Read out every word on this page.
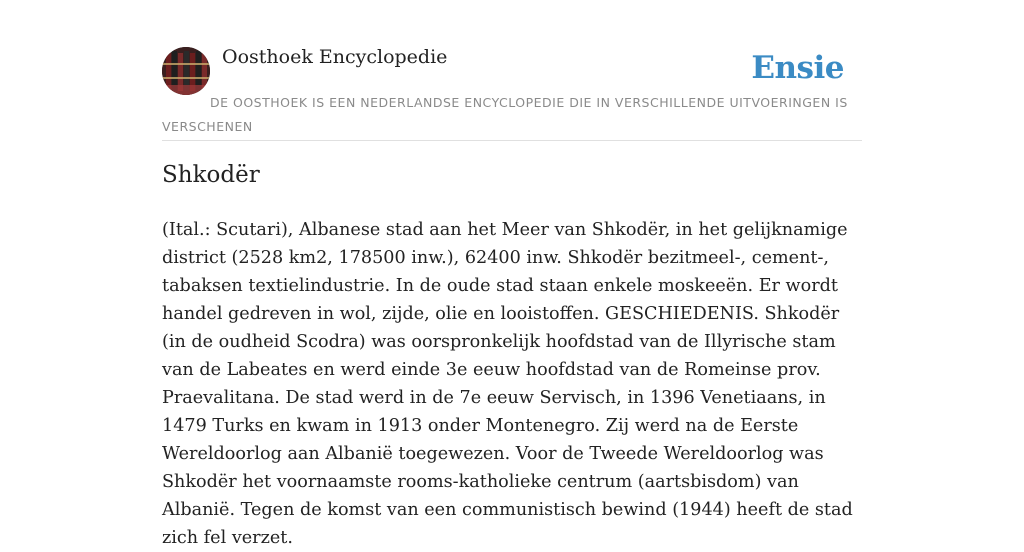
Oosthoek Encyclopedie	Ensie
DE OOSTHOEK IS EEN NEDERLANDSE ENCYCLOPEDIE DIE IN VERSCHILLENDE UITVOERINGEN IS VERSCHENEN
Shkodër

(Ital.: Scutari), Albanese stad aan het Meer van Shkodër, in het gelijknamige district (2528 km2, 178500 inw.), 62400 inw. Shkodër bezitmeel-, cement-, tabaksen textielindustrie. In de oude stad staan enkele moskeeën. Er wordt handel gedreven in wol, zijde, olie en looistoffen. GESCHIEDENIS. Shkodër (in de oudheid Scodra) was oorspronkelijk hoofdstad van de Illyrische stam van de Labeates en werd einde 3e eeuw hoofdstad van de Romeinse prov. Praevalitana. De stad werd in de 7e eeuw Servisch, in 1396 Venetiaans, in 1479 Turks en kwam in 1913 onder Montenegro. Zij werd na de Eerste Wereldoorlog aan Albanië toegewezen. Voor de Tweede Wereldoorlog was Shkodër het voornaamste rooms-katholieke centrum (aartsbisdom) van Albanië. Tegen de komst van een communistisch bewind (1944) heeft de stad zich fel verzet.
